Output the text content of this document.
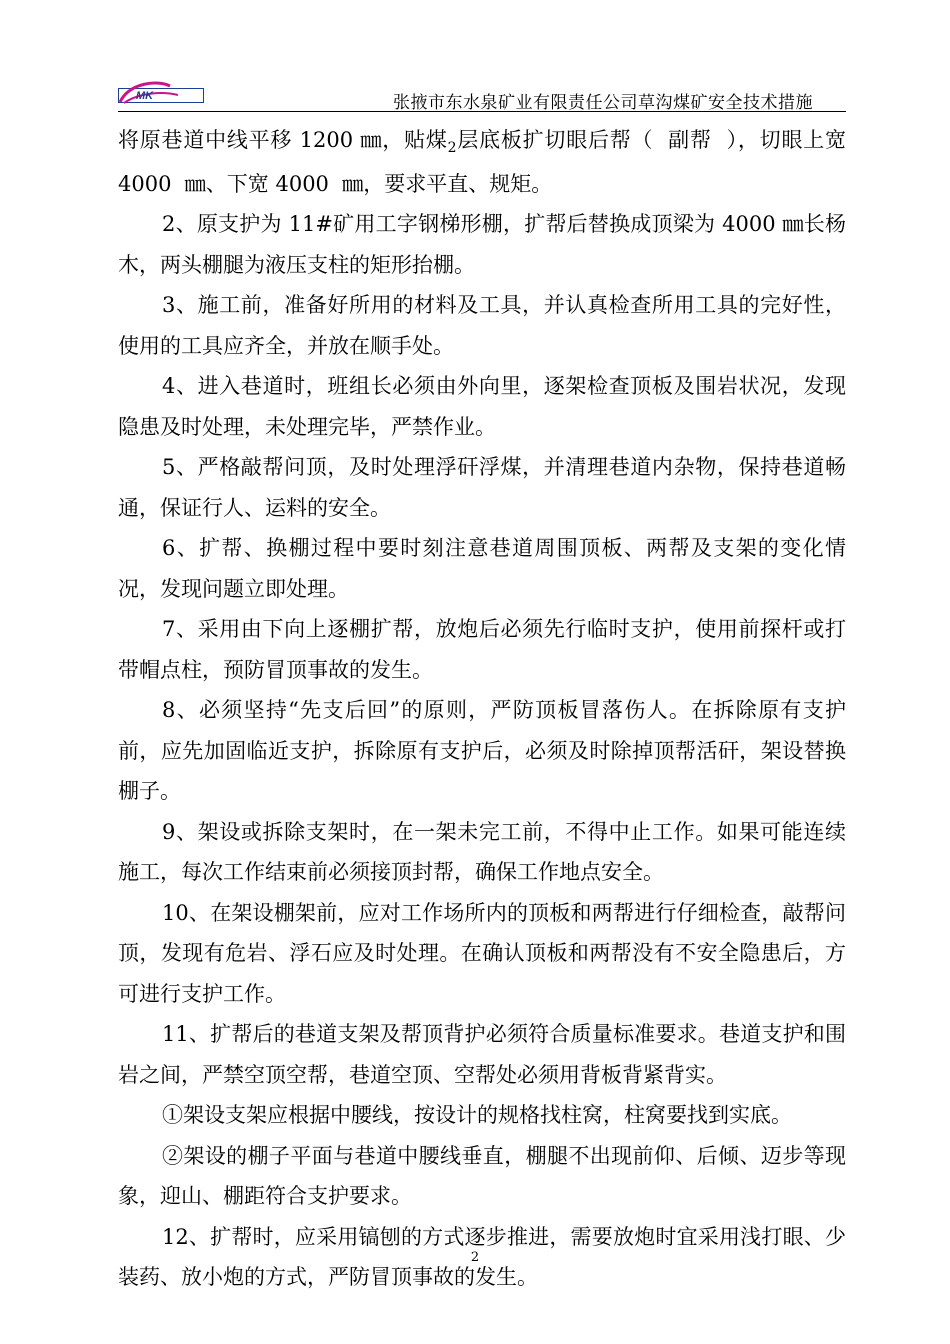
MK	张掖市东水泉矿业有限责任公司草沟煤矿安全技术措施

将原巷道中线平移 1200 ㎜，贴煤$_2$层底板扩切眼后帮（  副帮  ），切眼上宽 4000  ㎜、下宽 4000  ㎜，要求平直、规矩。

2、原支护为 11#矿用工字钢梯形棚，扩帮后替换成顶梁为 4000 ㎜长杨木，两头棚腿为液压支柱的矩形抬棚。

3、施工前，准备好所用的材料及工具，并认真检查所用工具的完好性，使用的工具应齐全，并放在顺手处。

4、进入巷道时，班组长必须由外向里，逐架检查顶板及围岩状况，发现隐患及时处理，未处理完毕，严禁作业。

5、严格敲帮问顶，及时处理浮矸浮煤，并清理巷道内杂物，保持巷道畅通，保证行人、运料的安全。

6、扩帮、换棚过程中要时刻注意巷道周围顶板、两帮及支架的变化情况，发现问题立即处理。

7、采用由下向上逐棚扩帮，放炮后必须先行临时支护，使用前探杆或打带帽点柱，预防冒顶事故的发生。

8、必须坚持“先支后回”的原则，严防顶板冒落伤人。在拆除原有支护前，应先加固临近支护，拆除原有支护后，必须及时除掉顶帮活矸，架设替换棚子。

9、架设或拆除支架时，在一架未完工前，不得中止工作。如果可能连续施工，每次工作结束前必须接顶封帮，确保工作地点安全。

10、在架设棚架前，应对工作场所内的顶板和两帮进行仔细检查，敲帮问顶，发现有危岩、浮石应及时处理。在确认顶板和两帮没有不安全隐患后，方可进行支护工作。

11、扩帮后的巷道支架及帮顶背护必须符合质量标准要求。巷道支护和围岩之间，严禁空顶空帮，巷道空顶、空帮处必须用背板背紧背实。

①架设支架应根据中腰线，按设计的规格找柱窝，柱窝要找到实底。

②架设的棚子平面与巷道中腰线垂直，棚腿不出现前仰、后倾、迈步等现象，迎山、棚距符合支护要求。

12、扩帮时，应采用镐刨的方式逐步推进，需要放炮时宜采用浅打眼、少装药、放小炮的方式，严防冒顶事故的发生。

2
